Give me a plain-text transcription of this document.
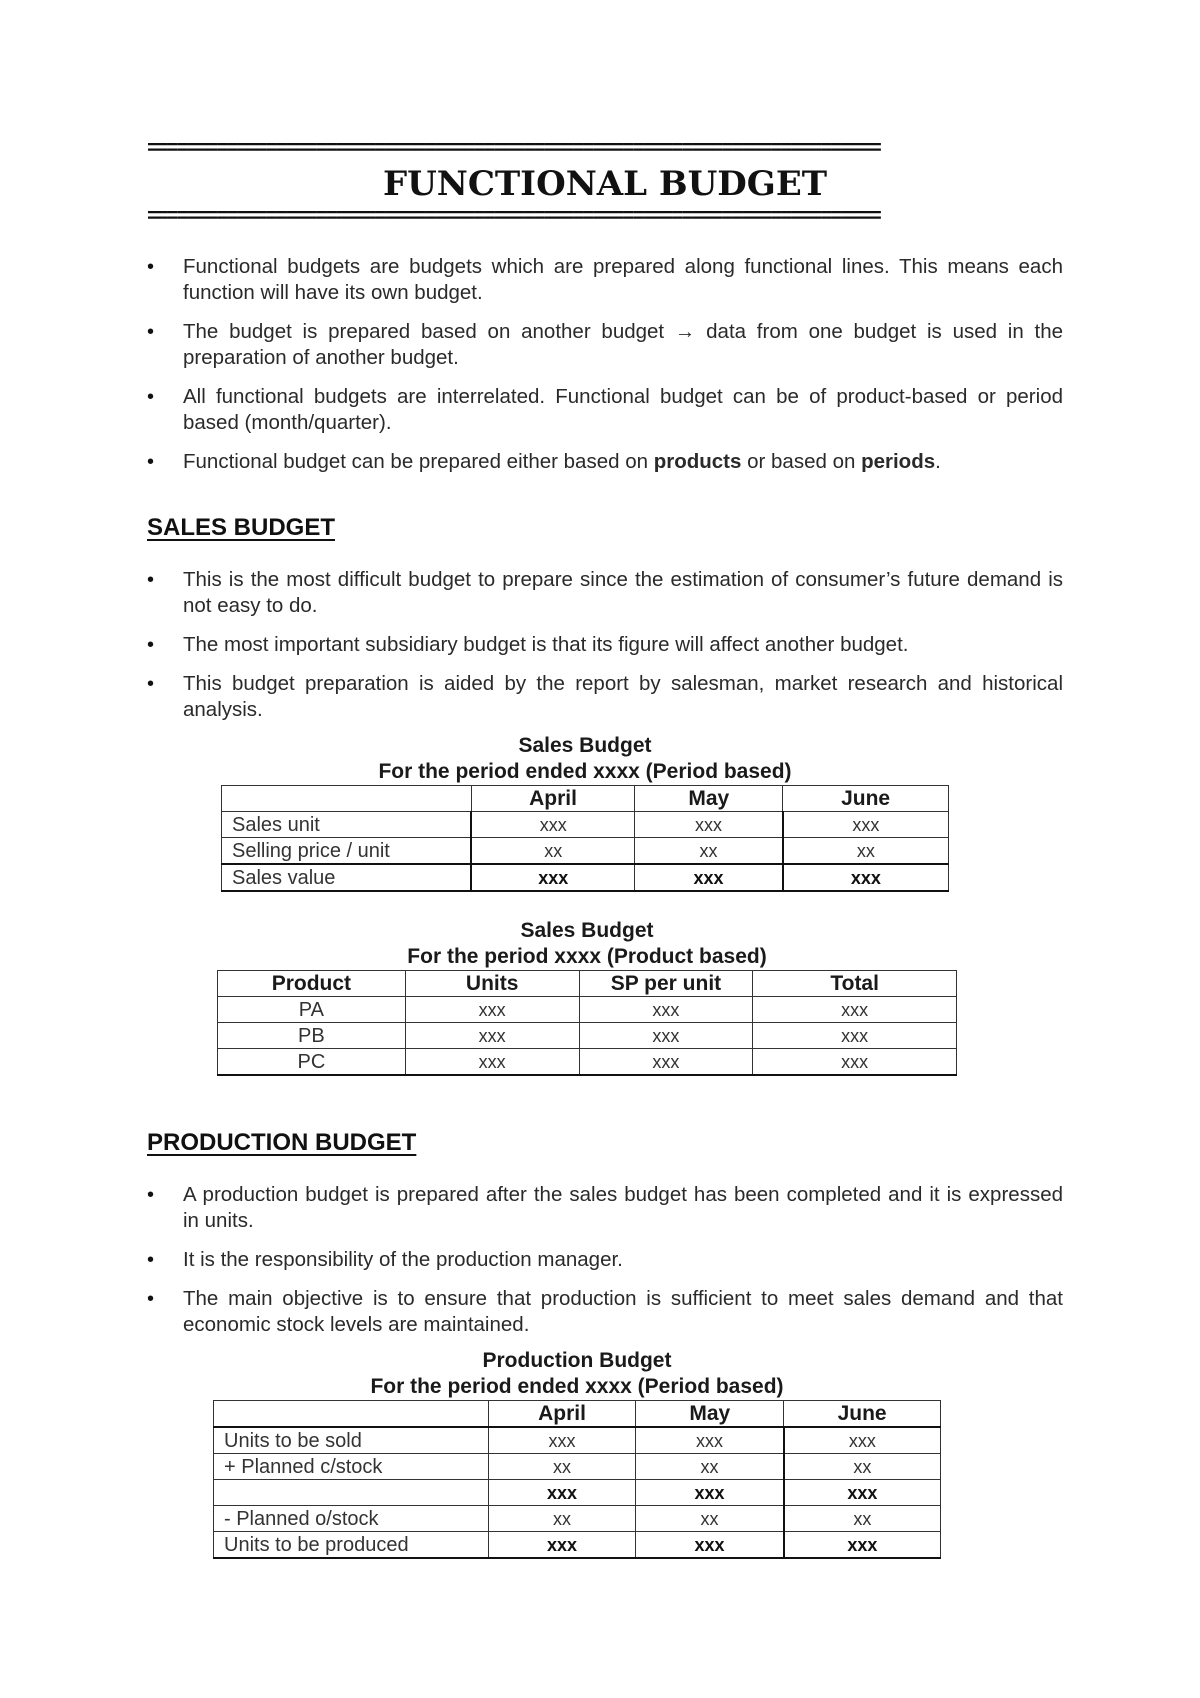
==========================================================================
FUNCTIONAL BUDGET
==========================================================================
• Functional budgets are budgets which are prepared along functional lines. This means each function will have its own budget.
• The budget is prepared based on another budget → data from one budget is used in the preparation of another budget.
• All functional budgets are interrelated. Functional budget can be of product-based or period based (month/quarter).
• Functional budget can be prepared either based on products or based on periods.
SALES BUDGET
• This is the most difficult budget to prepare since the estimation of consumer’s future demand is not easy to do.
• The most important subsidiary budget is that its figure will affect another budget.
• This budget preparation is aided by the report by salesman, market research and historical analysis.
Sales Budget
For the period ended xxxx (Period based)
	April	May	June
Sales unit	xxx	xxx	xxx
Selling price / unit	xx	xx	xx
Sales value	xxx	xxx	xxx
Sales Budget
For the period xxxx (Product based)
Product	Units	SP per unit	Total
PA	xxx	xxx	xxx
PB	xxx	xxx	xxx
PC	xxx	xxx	xxx
PRODUCTION BUDGET
• A production budget is prepared after the sales budget has been completed and it is expressed in units.
• It is the responsibility of the production manager.
• The main objective is to ensure that production is sufficient to meet sales demand and that economic stock levels are maintained.
Production Budget
For the period ended xxxx (Period based)
	April	May	June
Units to be sold	xxx	xxx	xxx
+ Planned c/stock	xx	xx	xx
	xxx	xxx	xxx
- Planned o/stock	xx	xx	xx
Units to be produced	xxx	xxx	xxx
